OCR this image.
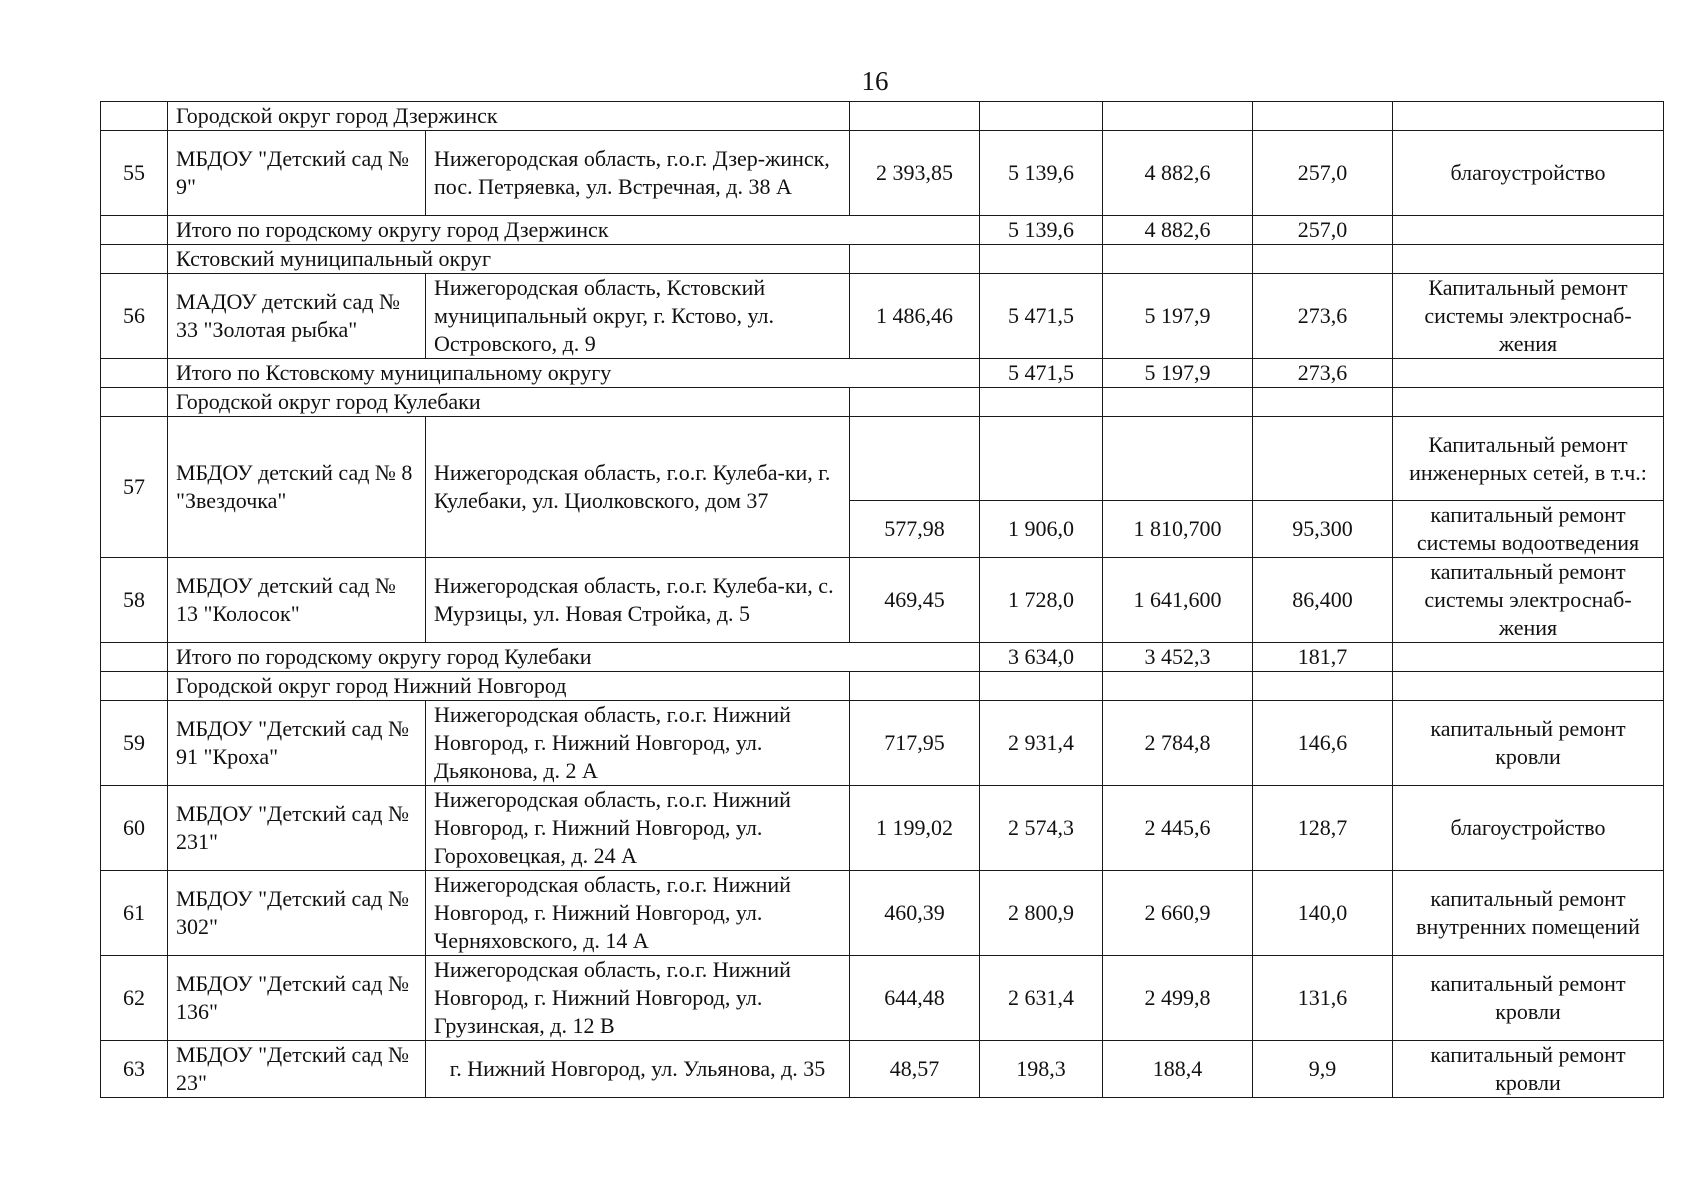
16
	Городской округ город Дзержинск						
55	МБДОУ "Детский сад № 9"	Нижегородская область, г.о.г. Дзер-жинск, пос. Петряевка, ул. Встречная, д. 38 А	2 393,85	5 139,6	4 882,6	257,0	благоустройство
	Итого по городскому округу город Дзержинск			5 139,6	4 882,6	257,0	
	Кстовский муниципальный округ						
56	МАДОУ детский сад № 33 "Золотая рыбка"	Нижегородская область, Кстовский муниципальный округ, г. Кстово, ул. Островского, д. 9	1 486,46	5 471,5	5 197,9	273,6	Капитальный ремонт системы электроснаб-жения
	Итого по Кстовскому муниципальному округу			5 471,5	5 197,9	273,6	
	Городской округ город Кулебаки						
57	МБДОУ детский сад № 8 "Звездочка"	Нижегородская область, г.о.г. Кулеба-ки, г. Кулебаки, ул. Циолковского, дом 37					Капитальный ремонт инженерных сетей, в т.ч.:
			577,98	1 906,0	1 810,700	95,300	капитальный ремонт системы водоотведения
58	МБДОУ детский сад № 13 "Колосок"	Нижегородская область, г.о.г. Кулеба-ки, с. Мурзицы, ул. Новая Стройка, д. 5	469,45	1 728,0	1 641,600	86,400	капитальный ремонт системы электроснаб-жения
	Итого по городскому округу город Кулебаки			3 634,0	3 452,3	181,7	
	Городской округ город Нижний Новгород						
59	МБДОУ "Детский сад № 91 "Кроха"	Нижегородская область, г.о.г. Нижний Новгород, г. Нижний Новгород, ул. Дьяконова, д. 2 А	717,95	2 931,4	2 784,8	146,6	капитальный ремонт кровли
60	МБДОУ "Детский сад № 231"	Нижегородская область, г.о.г. Нижний Новгород, г. Нижний Новгород, ул. Гороховецкая, д. 24 А	1 199,02	2 574,3	2 445,6	128,7	благоустройство
61	МБДОУ "Детский сад № 302"	Нижегородская область, г.о.г. Нижний Новгород, г. Нижний Новгород, ул. Черняховского, д. 14 А	460,39	2 800,9	2 660,9	140,0	капитальный ремонт внутренних помещений
62	МБДОУ "Детский сад № 136"	Нижегородская область, г.о.г. Нижний Новгород, г. Нижний Новгород, ул. Грузинская, д. 12 В	644,48	2 631,4	2 499,8	131,6	капитальный ремонт кровли
63	МБДОУ "Детский сад № 23"	г. Нижний Новгород, ул. Ульянова, д. 35	48,57	198,3	188,4	9,9	капитальный ремонт кровли
